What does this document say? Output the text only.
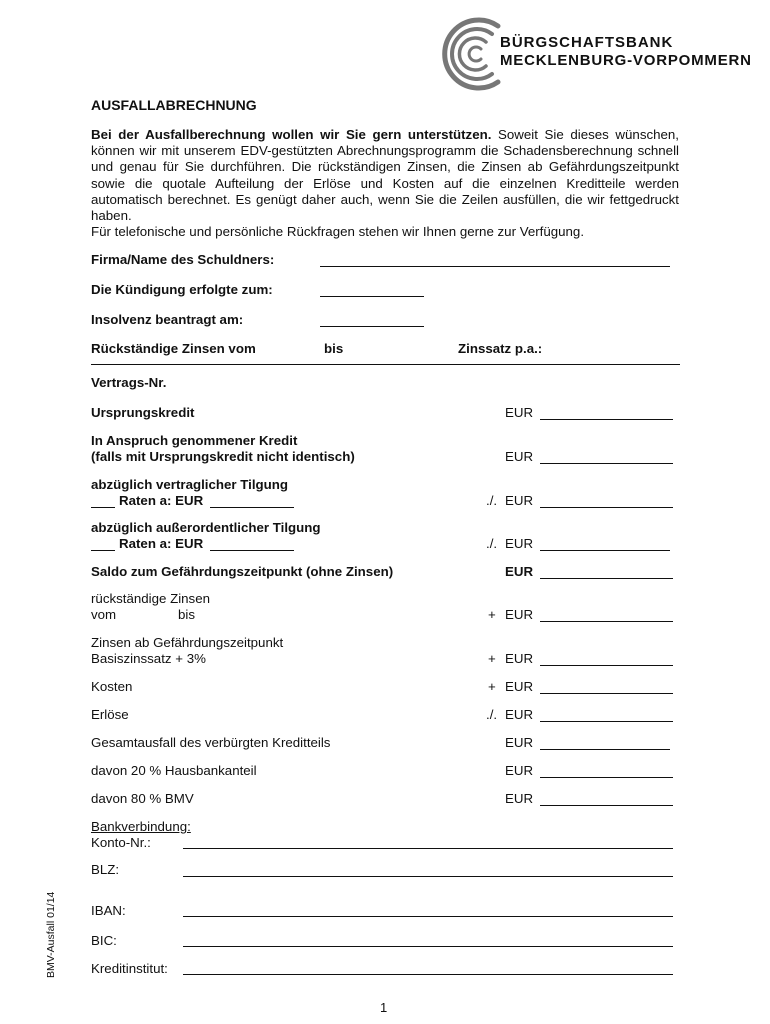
BÜRGSCHAFTSBANK
MECKLENBURG-VORPOMMERN
AUSFALLABRECHNUNG
Bei der Ausfallberechnung wollen wir Sie gern unterstützen. Soweit Sie dieses wünschen, können wir mit unserem EDV-gestützten Abrechnungsprogramm die Schadensberechnung schnell und genau für Sie durchführen. Die rückständigen Zinsen, die Zinsen ab Gefährdungszeitpunkt sowie die quotale Aufteilung der Erlöse und Kosten auf die einzelnen Kreditteile werden automatisch berechnet. Es genügt daher auch, wenn Sie die Zeilen ausfüllen, die wir fettgedruckt haben.
Für telefonische und persönliche Rückfragen stehen wir Ihnen gerne zur Verfügung.
Firma/Name des Schuldners:
Die Kündigung erfolgte zum:
Insolvenz beantragt am:
Rückständige Zinsen vom	bis	Zinssatz p.a.:
Vertrags-Nr.
Ursprungskredit	EUR
In Anspruch genommener Kredit
(falls mit Ursprungskredit nicht identisch)	EUR
abzüglich vertraglicher Tilgung
Raten a: EUR	./. EUR
abzüglich außerordentlicher Tilgung
Raten a: EUR	./. EUR
Saldo zum Gefährdungszeitpunkt (ohne Zinsen)	EUR
rückständige Zinsen
vom	bis	+ EUR
Zinsen ab Gefährdungszeitpunkt
Basiszinssatz + 3%	+ EUR
Kosten	+ EUR
Erlöse	./. EUR
Gesamtausfall des verbürgten Kreditteils	EUR
davon 20 % Hausbankanteil	EUR
davon 80 % BMV	EUR
Bankverbindung:
Konto-Nr.:
BLZ:
IBAN:
BIC:
Kreditinstitut:
BMV-Ausfall 01/14
1
